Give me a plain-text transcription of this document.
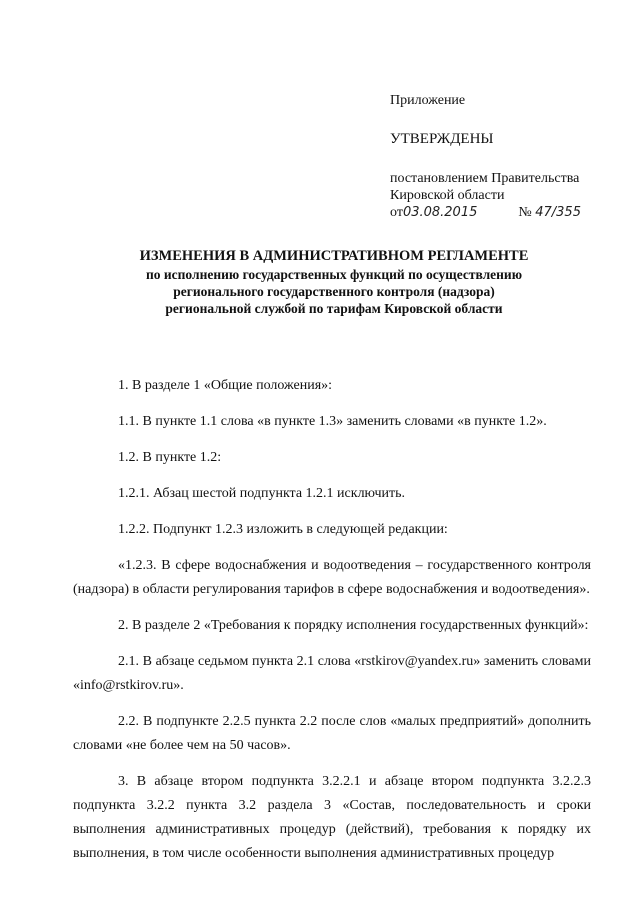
Приложение
УТВЕРЖДЕНЫ
постановлением Правительства
Кировской области
от03.08.2015	№ 47/355
ИЗМЕНЕНИЯ В АДМИНИСТРАТИВНОМ РЕГЛАМЕНТЕ
по исполнению государственных функций по осуществлению
регионального государственного контроля (надзора)
региональной службой по тарифам Кировской области

1. В разделе 1 «Общие положения»:

1.1. В пункте 1.1 слова «в пункте 1.3» заменить словами «в пункте 1.2».

1.2. В пункте 1.2:

1.2.1. Абзац шестой подпункта 1.2.1 исключить.

1.2.2. Подпункт 1.2.3 изложить в следующей редакции:

«1.2.3. В сфере водоснабжения и водоотведения – государственного контроля (надзора) в области регулирования тарифов в сфере водоснабжения и водоотведения».

2. В разделе 2 «Требования к порядку исполнения государственных функций»:

2.1. В абзаце седьмом пункта 2.1 слова «rstkirov@yandex.ru» заменить словами «info@rstkirov.ru».

2.2. В подпункте 2.2.5 пункта 2.2 после слов «малых предприятий» дополнить словами «не более чем на 50 часов».

3. В абзаце втором подпункта 3.2.2.1 и абзаце втором подпункта 3.2.2.3 подпункта 3.2.2 пункта 3.2 раздела 3 «Состав, последовательность и сроки выполнения административных процедур (действий), требования к порядку их выполнения, в том числе особенности выполнения административных процедур
